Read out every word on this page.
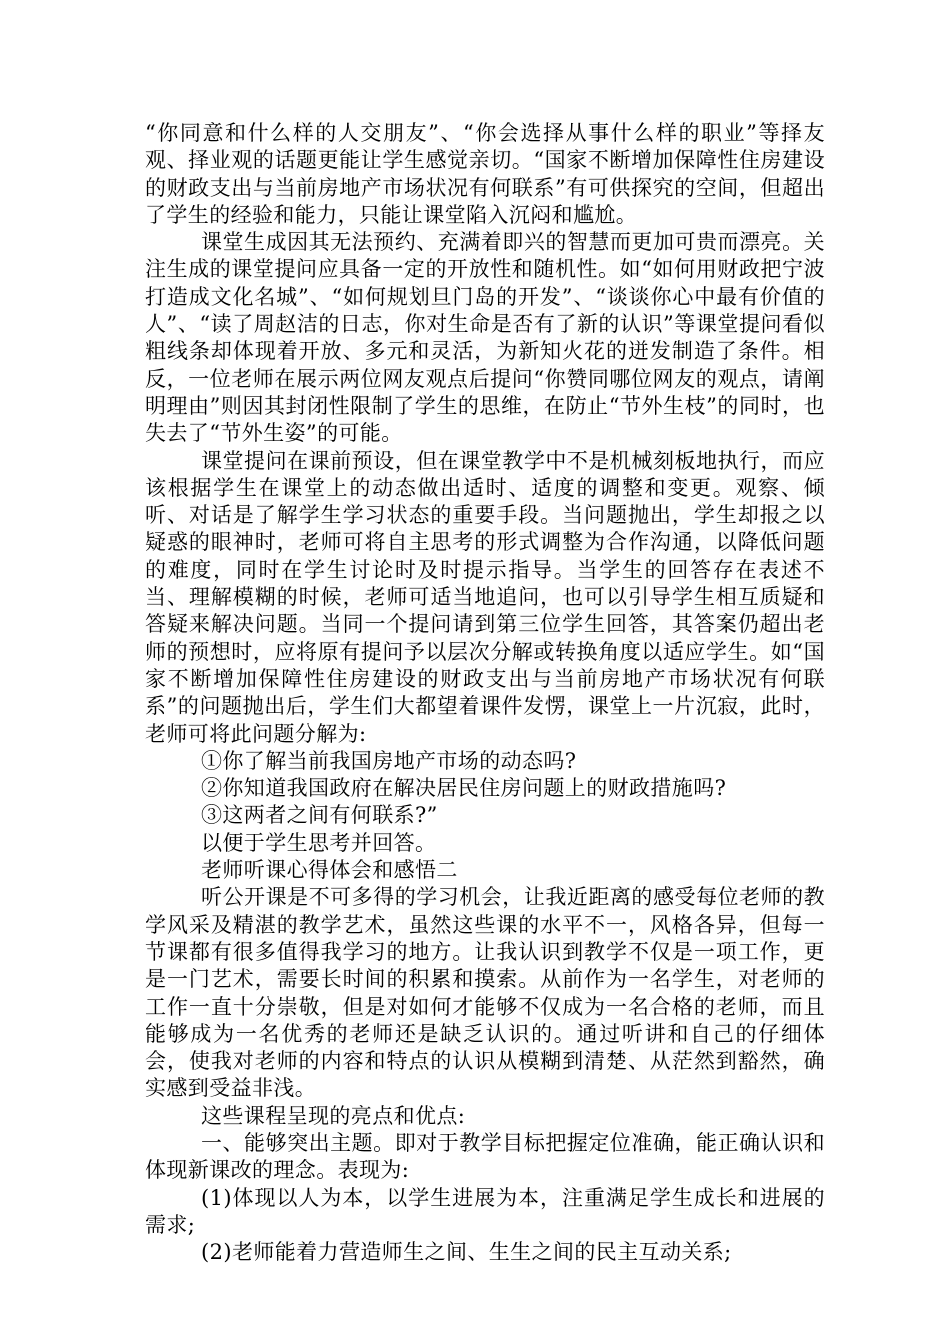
“你同意和什么样的人交朋友”、“你会选择从事什么样的职业”等择友观、择业观的话题更能让学生感觉亲切。“国家不断增加保障性住房建设的财政支出与当前房地产市场状况有何联系”有可供探究的空间，但超出了学生的经验和能力，只能让课堂陷入沉闷和尴尬。

课堂生成因其无法预约、充满着即兴的智慧而更加可贵而漂亮。关注生成的课堂提问应具备一定的开放性和随机性。如“如何用财政把宁波打造成文化名城”、“如何规划旦门岛的开发”、“谈谈你心中最有价值的人”、“读了周赵洁的日志，你对生命是否有了新的认识”等课堂提问看似粗线条却体现着开放、多元和灵活，为新知火花的迸发制造了条件。相反，一位老师在展示两位网友观点后提问“你赞同哪位网友的观点，请阐明理由”则因其封闭性限制了学生的思维，在防止“节外生枝”的同时，也失去了“节外生姿”的可能。

课堂提问在课前预设，但在课堂教学中不是机械刻板地执行，而应该根据学生在课堂上的动态做出适时、适度的调整和变更。观察、倾听、对话是了解学生学习状态的重要手段。当问题抛出，学生却报之以疑惑的眼神时，老师可将自主思考的形式调整为合作沟通，以降低问题的难度，同时在学生讨论时及时提示指导。当学生的回答存在表述不当、理解模糊的时候，老师可适当地追问，也可以引导学生相互质疑和答疑来解决问题。当同一个提问请到第三位学生回答，其答案仍超出老师的预想时，应将原有提问予以层次分解或转换角度以适应学生。如“国家不断增加保障性住房建设的财政支出与当前房地产市场状况有何联系”的问题抛出后，学生们大都望着课件发愣，课堂上一片沉寂，此时，老师可将此问题分解为:

①你了解当前我国房地产市场的动态吗?

②你知道我国政府在解决居民住房问题上的财政措施吗?

③这两者之间有何联系?”

以便于学生思考并回答。

老师听课心得体会和感悟二

听公开课是不可多得的学习机会，让我近距离的感受每位老师的教学风采及精湛的教学艺术，虽然这些课的水平不一，风格各异，但每一节课都有很多值得我学习的地方。让我认识到教学不仅是一项工作，更是一门艺术，需要长时间的积累和摸索。从前作为一名学生，对老师的工作一直十分崇敬，但是对如何才能够不仅成为一名合格的老师，而且能够成为一名优秀的老师还是缺乏认识的。通过听讲和自己的仔细体会，使我对老师的内容和特点的认识从模糊到清楚、从茫然到豁然，确实感到受益非浅。

这些课程呈现的亮点和优点:

一、能够突出主题。即对于教学目标把握定位准确，能正确认识和体现新课改的理念。表现为:

(1)体现以人为本，以学生进展为本，注重满足学生成长和进展的需求;

(2)老师能着力营造师生之间、生生之间的民主互动关系;
